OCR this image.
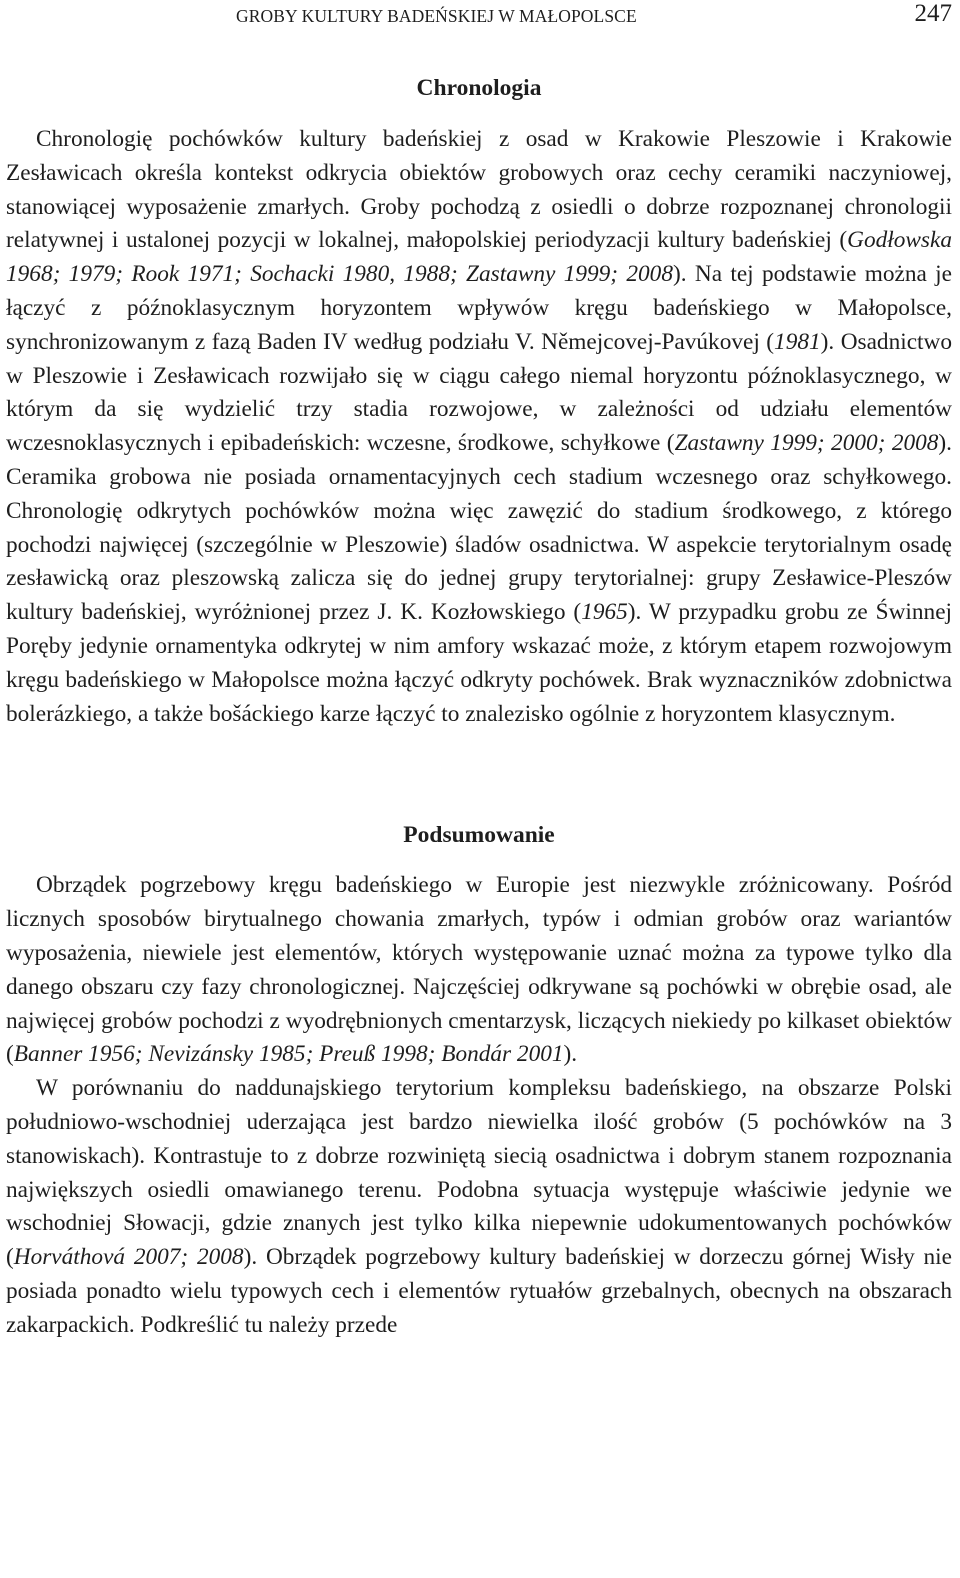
GROBY KULTURY BADEŃSKIEJ W MAŁOPOLSCE	247
Chronologia

Chronologię pochówków kultury badeńskiej z osad w Krakowie Pleszowie i Krakowie Zesławicach określa kontekst odkrycia obiektów grobowych oraz cechy ceramiki naczyniowej, stanowiącej wyposażenie zmarłych. Groby pochodzą z osiedli o dobrze rozpoznanej chronologii relatywnej i ustalonej pozycji w lokalnej, małopolskiej periodyzacji kultury badeńskiej (Godłowska 1968; 1979; Rook 1971; Sochacki 1980, 1988; Zastawny 1999; 2008). Na tej podstawie można je łączyć z późnoklasycznym horyzontem wpływów kręgu badeńskiego w Małopolsce, synchronizowanym z fazą Baden IV według podziału V. Němejcovej-Pavúkovej (1981). Osadnictwo w Pleszowie i Zesławicach rozwijało się w ciągu całego niemal horyzontu późnoklasycznego, w którym da się wydzielić trzy stadia rozwojowe, w zależności od udziału elementów wczesnoklasycznych i epibadeńskich: wczesne, środkowe, schyłkowe (Zastawny 1999; 2000; 2008). Ceramika grobowa nie posiada ornamentacyjnych cech stadium wczesnego oraz schyłkowego. Chronologię odkrytych pochówków można więc zawęzić do stadium środkowego, z którego pochodzi najwięcej (szczególnie w Pleszowie) śladów osadnictwa. W aspekcie terytorialnym osadę zesławicką oraz pleszowską zalicza się do jednej grupy terytorialnej: grupy Zesławice-Pleszów kultury badeńskiej, wyróżnionej przez J. K. Kozłowskiego (1965). W przypadku grobu ze Świnnej Poręby jedynie ornamentyka odkrytej w nim amfory wskazać może, z którym etapem rozwojowym kręgu badeńskiego w Małopolsce można łączyć odkryty pochówek. Brak wyznaczników zdobnictwa bolerázkiego, a także bošáckiego karze łączyć to znalezisko ogólnie z horyzontem klasycznym.

Podsumowanie

Obrządek pogrzebowy kręgu badeńskiego w Europie jest niezwykle zróżnicowany. Pośród licznych sposobów birytualnego chowania zmarłych, typów i odmian grobów oraz wariantów wyposażenia, niewiele jest elementów, których występowanie uznać można za typowe tylko dla danego obszaru czy fazy chronologicznej. Najczęściej odkrywane są pochówki w obrębie osad, ale najwięcej grobów pochodzi z wyodrębnionych cmentarzysk, liczących niekiedy po kilkaset obiektów (Banner 1956; Nevizánsky 1985; Preuß 1998; Bondár 2001).

W porównaniu do naddunajskiego terytorium kompleksu badeńskiego, na obszarze Polski południowo-wschodniej uderzająca jest bardzo niewielka ilość grobów (5 pochówków na 3 stanowiskach). Kontrastuje to z dobrze rozwiniętą siecią osadnictwa i dobrym stanem rozpoznania największych osiedli omawianego terenu. Podobna sytuacja występuje właściwie jedynie we wschodniej Słowacji, gdzie znanych jest tylko kilka niepewnie udokumentowanych pochówków (Horváthová 2007; 2008). Obrządek pogrzebowy kultury badeńskiej w dorzeczu górnej Wisły nie posiada ponadto wielu typowych cech i elementów rytuałów grzebalnych, obecnych na obszarach zakarpackich. Podkreślić tu należy przede
